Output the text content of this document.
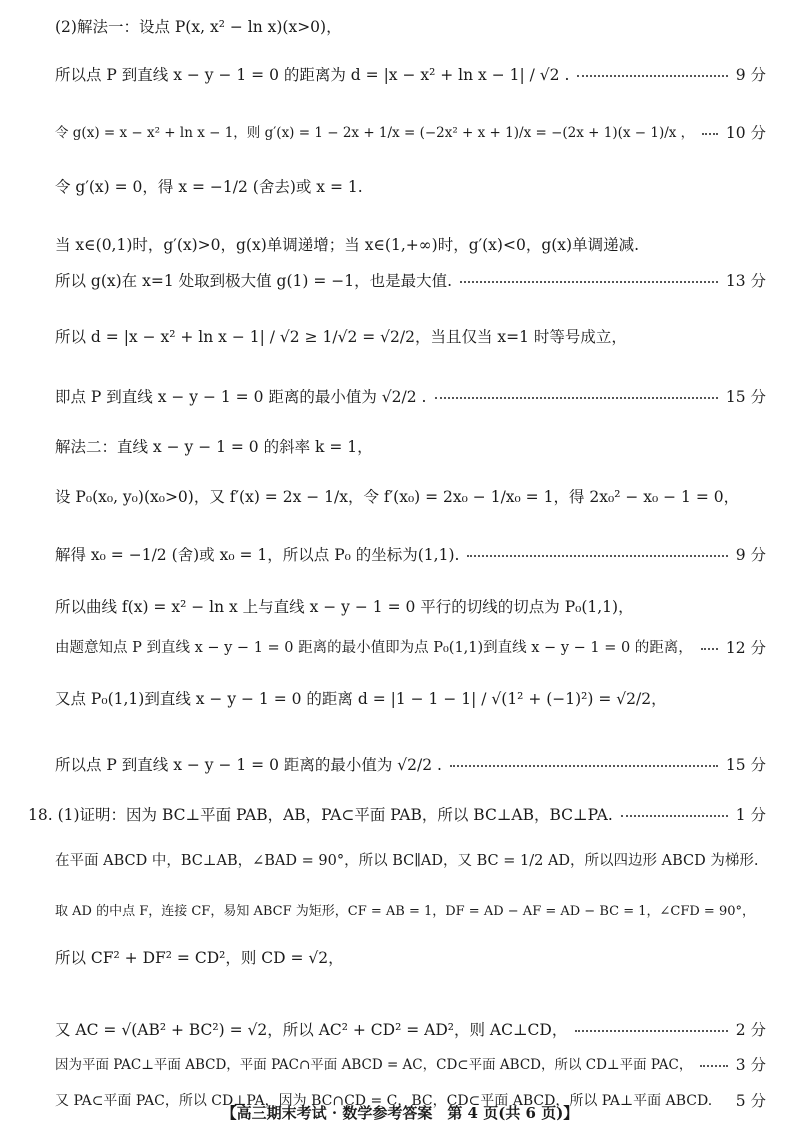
(2)解法一：设点 P(x, x² − ln x)(x>0)，
所以点 P 到直线 x − y − 1 = 0 的距离为 d = |x − x² + ln x − 1| / √2 .	9 分
令 g(x) = x − x² + ln x − 1，则 g′(x) = 1 − 2x + 1/x = (−2x² + x + 1)/x = −(2x + 1)(x − 1)/x ， 10 分
令 g′(x) = 0，得 x = −1/2 (舍去)或 x = 1.
当 x∈(0,1)时，g′(x)>0，g(x)单调递增；当 x∈(1,+∞)时，g′(x)<0，g(x)单调递减.
所以 g(x)在 x=1 处取到极大值 g(1) = −1，也是最大值.	13 分
所以 d = |x − x² + ln x − 1| / √2 ≥ 1/√2 = √2/2，当且仅当 x=1 时等号成立，
即点 P 到直线 x − y − 1 = 0 距离的最小值为 √2/2 .	15 分
解法二：直线 x − y − 1 = 0 的斜率 k = 1，
设 P₀(x₀, y₀)(x₀>0)，又 f′(x) = 2x − 1/x，令 f′(x₀) = 2x₀ − 1/x₀ = 1，得 2x₀² − x₀ − 1 = 0，
解得 x₀ = −1/2 (舍)或 x₀ = 1，所以点 P₀ 的坐标为(1,1).	9 分
所以曲线 f(x) = x² − ln x 上与直线 x − y − 1 = 0 平行的切线的切点为 P₀(1,1)，
由题意知点 P 到直线 x − y − 1 = 0 距离的最小值即为点 P₀(1,1)到直线 x − y − 1 = 0 的距离， 12 分
又点 P₀(1,1)到直线 x − y − 1 = 0 的距离 d = |1 − 1 − 1| / √(1² + (−1)²) = √2/2，
所以点 P 到直线 x − y − 1 = 0 距离的最小值为 √2/2 .	15 分
18. (1)证明：因为 BC⊥平面 PAB，AB，PA⊂平面 PAB，所以 BC⊥AB，BC⊥PA.	1 分
在平面 ABCD 中，BC⊥AB，∠BAD = 90°，所以 BC∥AD，又 BC = 1/2 AD，所以四边形 ABCD 为梯形.
取 AD 的中点 F，连接 CF，易知 ABCF 为矩形，CF = AB = 1，DF = AD − AF = AD − BC = 1，∠CFD = 90°，
所以 CF² + DF² = CD²，则 CD = √2，
又 AC = √(AB² + BC²) = √2，所以 AC² + CD² = AD²，则 AC⊥CD，	2 分
因为平面 PAC⊥平面 ABCD，平面 PAC∩平面 ABCD = AC，CD⊂平面 ABCD，所以 CD⊥平面 PAC，	3 分
又 PA⊂平面 PAC，所以 CD⊥PA，因为 BC∩CD = C，BC，CD⊂平面 ABCD，所以 PA⊥平面 ABCD. 5 分
【高三期末考试 · 数学参考答案　第 4 页(共 6 页)】
